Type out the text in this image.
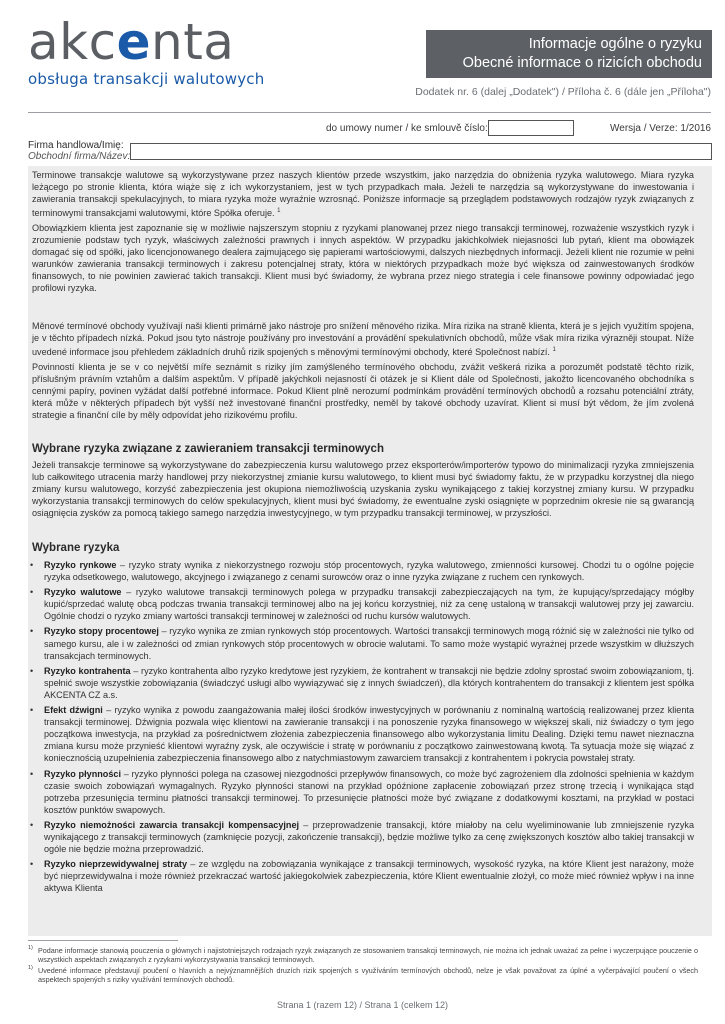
akcenta
obsługa transakcji walutowych
Informacje ogólne o ryzyku
Obecné informace o rizicích obchodu
Dodatek nr. 6 (dalej „Dodatek") / Příloha č. 6 (dále jen „Příloha")
do umowy numer / ke smlouvě číslo:	Wersja / Verze: 1/2016
Firma handlowa/Imię:
Obchodní firma/Název:
Terminowe transakcje walutowe są wykorzystywane przez naszych klientów przede wszystkim, jako narzędzia do obniżenia ryzyka walutowego. Miara ryzyka leżącego po stronie klienta, która wiąże się z ich wykorzystaniem, jest w tych przypadkach mała. Jeżeli te narzędzia są wykorzystywane do inwestowania i zawierania transakcji spekulacyjnych, to miara ryzyka może wyraźnie wzrosnąć. Poniższe informacje są przeglądem podstawowych rodzajów ryzyk związanych z terminowymi transakcjami walutowymi, które Spółka oferuje. $^1$
Obowiązkiem klienta jest zapoznanie się w możliwie najszerszym stopniu z ryzykami planowanej przez niego transakcji terminowej, rozważenie wszystkich ryzyk i zrozumienie podstaw tych ryzyk, właściwych zależności prawnych i innych aspektów. W przypadku jakichkolwiek niejasności lub pytań, klient ma obowiązek domagać się od spółki, jako licencjonowanego dealera zajmującego się papierami wartościowymi, dalszych niezbędnych informacji. Jeżeli klient nie rozumie w pełni warunków zawierania transakcji terminowych i zakresu potencjalnej straty, która w niektórych przypadkach może być większa od zainwestowanych środków finansowych, to nie powinien zawierać takich transakcji. Klient musi być świadomy, że wybrana przez niego strategia i cele finansowe powinny odpowiadać jego profilowi ryzyka.
Měnové termínové obchody využívají naši klienti primárně jako nástroje pro snížení měnového rizika. Míra rizika na straně klienta, která je s jejich využitím spojena, je v těchto případech nízká. Pokud jsou tyto nástroje používány pro investování a provádění spekulativních obchodů, může však míra rizika výrazněji stoupat. Níže uvedené informace jsou přehledem základních druhů rizik spojených s měnovými termínovými obchody, které Společnost nabízí. $^1$
Povinností klienta je se v co největší míře seznámit s riziky jím zamýšleného termínového obchodu, zvážit veškerá rizika a porozumět podstatě těchto rizik, příslušným právním vztahům a dalším aspektům. V případě jakýchkoli nejasností či otázek je si Klient dále od Společnosti, jakožto licencovaného obchodníka s cennými papíry, povinen vyžádat další potřebné informace. Pokud Klient plně nerozumí podmínkám provádění termínových obchodů a rozsahu potenciální ztráty, která může v některých případech být vyšší než investované finanční prostředky, neměl by takové obchody uzavírat. Klient si musí být vědom, že jím zvolená strategie a finanční cíle by měly odpovídat jeho rizikovému profilu.
Wybrane ryzyka związane z zawieraniem transakcji terminowych
Jeżeli transakcje terminowe są wykorzystywane do zabezpieczenia kursu walutowego przez eksporterów/importerów typowo do minimalizacji ryzyka zmniejszenia lub całkowitego utracenia marży handlowej przy niekorzystnej zmianie kursu walutowego, to klient musi być świadomy faktu, że w przypadku korzystnej dla niego zmiany kursu walutowego, korzyść zabezpieczenia jest okupiona niemożliwością uzyskania zysku wynikającego z takiej korzystnej zmiany kursu. W przypadku wykorzystania transakcji terminowych do celów spekulacyjnych, klient musi być świadomy, że ewentualne zyski osiągnięte w poprzednim okresie nie są gwarancją osiągnięcia zysków za pomocą takiego samego narzędzia inwestycyjnego, w tym przypadku transakcji terminowej, w przyszłości.
Wybrane ryzyka
• Ryzyko rynkowe – ryzyko straty wynika z niekorzystnego rozwoju stóp procentowych, ryzyka walutowego, zmienności kursowej. Chodzi tu o ogólne pojęcie ryzyka odsetkowego, walutowego, akcyjnego i związanego z cenami surowców oraz o inne ryzyka związane z ruchem cen rynkowych.
• Ryzyko walutowe – ryzyko walutowe transakcji terminowych polega w przypadku transakcji zabezpieczających na tym, że kupujący/sprzedający mógłby kupić/sprzedać walutę obcą podczas trwania transakcji terminowej albo na jej końcu korzystniej, niż za cenę ustaloną w transakcji walutowej przy jej zawarciu. Ogólnie chodzi o ryzyko zmiany wartości transakcji terminowej w zależności od ruchu kursów walutowych.
• Ryzyko stopy procentowej – ryzyko wynika ze zmian rynkowych stóp procentowych. Wartości transakcji terminowych mogą różnić się w zależności nie tylko od samego kursu, ale i w zależności od zmian rynkowych stóp procentowych w obrocie walutami. To samo może wystąpić wyrażnej przede wszystkim w dłuższych transakcjach terminowych.
• Ryzyko kontrahenta – ryzyko kontrahenta albo ryzyko kredytowe jest ryzykiem, że kontrahent w transakcji nie będzie zdolny sprostać swoim zobowiązaniom, tj. spełnić swoje wszystkie zobowiązania (świadczyć usługi albo wywiązywać się z innych świadczeń), dla których kontrahentem do transakcji z klientem jest spółka AKCENTA CZ a.s.
• Efekt dźwigni – ryzyko wynika z powodu zaangażowania małej ilości środków inwestycyjnych w porównaniu z nominalną wartością realizowanej przez klienta transakcji terminowej. Dźwignia pozwala więc klientowi na zawieranie transakcji i na ponoszenie ryzyka finansowego w większej skali, niż świadczy o tym jego początkowa inwestycja, na przykład za pośrednictwem złożenia zabezpieczenia finansowego albo wykorzystania limitu Dealing. Dzięki temu nawet nieznaczna zmiana kursu może przynieść klientowi wyraźny zysk, ale oczywiście i stratę w porównaniu z początkowo zainwestowaną kwotą. Ta sytuacja może się wiązać z koniecznością uzupełnienia zabezpieczenia finansowego albo z natychmiastowym zawarciem transakcji z kontrahentem i pokrycia powstałej straty.
• Ryzyko płynności – ryzyko płynności polega na czasowej niezgodności przepływów finansowych, co może być zagrożeniem dla zdolności spełnienia w każdym czasie swoich zobowiązań wymagalnych. Ryzyko płynności stanowi na przykład opóźnione zapłacenie zobowiązań przez stronę trzecią i wynikająca stąd potrzeba przesunięcia terminu płatności transakcji terminowej. To przesunięcie płatności może być związane z dodatkowymi kosztami, na przykład w postaci kosztów punktów swapowych.
• Ryzyko niemożności zawarcia transakcji kompensacyjnej – przeprowadzenie transakcji, które miałoby na celu wyeliminowanie lub zmniejszenie ryzyka wynikającego z transakcji terminowych (zamknięcie pozycji, zakończenie transakcji), będzie możliwe tylko za cenę zwiększonych kosztów albo takiej transakcji w ogóle nie będzie można przeprowadzić.
• Ryzyko nieprzewidywalnej straty – ze względu na zobowiązania wynikające z transakcji terminowych, wysokość ryzyka, na które Klient jest narażony, może być nieprzewidywalna i może również przekraczać wartość jakiegokolwiek zabezpieczenia, które Klient ewentualnie złożył, co może mieć również wpływ i na inne aktywa Klienta
1) Podane informacje stanowią pouczenia o głównych i najistotniejszych rodzajach ryzyk związanych ze stosowaniem transakcji terminowych, nie można ich jednak uważać za pełne i wyczerpujące pouczenie o wszystkich aspektach związanych z ryzykami wykorzystywania transakcji terminowych.
1) Uvedené informace představují poučení o hlavních a nejvýznamnějších druzích rizik spojených s využíváním termínových obchodů, nelze je však považovat za úplné a vyčerpávající poučení o všech aspektech spojených s riziky využívání termínových obchodů.
Strana 1 (razem 12) / Strana 1 (celkem 12)
